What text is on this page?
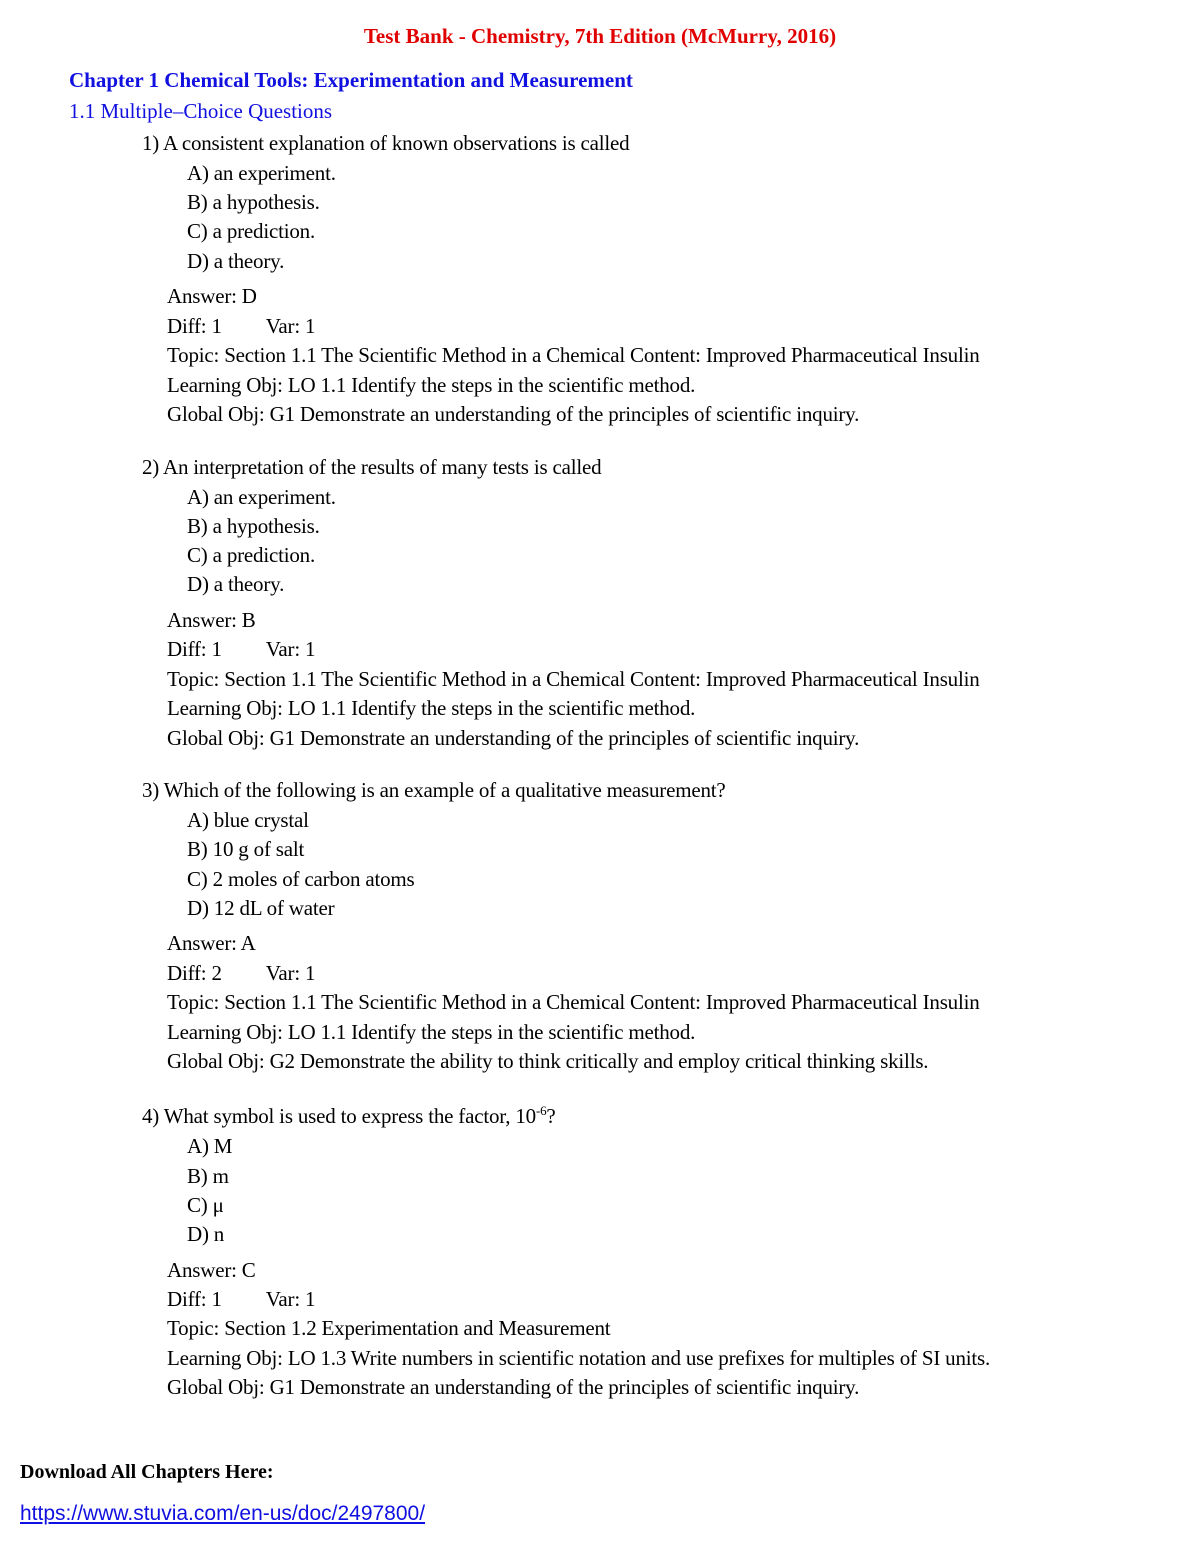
Test Bank - Chemistry, 7th Edition (McMurry, 2016)
Chapter 1 Chemical Tools: Experimentation and Measurement
1.1 Multiple–Choice Questions
1) A consistent explanation of known observations is called
A) an experiment.
B) a hypothesis.
C) a prediction.
D) a theory.
Answer: D
Diff: 1 Var: 1
Topic: Section 1.1 The Scientific Method in a Chemical Content: Improved Pharmaceutical Insulin
Learning Obj: LO 1.1 Identify the steps in the scientific method.
Global Obj: G1 Demonstrate an understanding of the principles of scientific inquiry.
2) An interpretation of the results of many tests is called
A) an experiment.
B) a hypothesis.
C) a prediction.
D) a theory.
Answer: B
Diff: 1 Var: 1
Topic: Section 1.1 The Scientific Method in a Chemical Content: Improved Pharmaceutical Insulin
Learning Obj: LO 1.1 Identify the steps in the scientific method.
Global Obj: G1 Demonstrate an understanding of the principles of scientific inquiry.
3) Which of the following is an example of a qualitative measurement?
A) blue crystal
B) 10 g of salt
C) 2 moles of carbon atoms
D) 12 dL of water
Answer: A
Diff: 2 Var: 1
Topic: Section 1.1 The Scientific Method in a Chemical Content: Improved Pharmaceutical Insulin
Learning Obj: LO 1.1 Identify the steps in the scientific method.
Global Obj: G2 Demonstrate the ability to think critically and employ critical thinking skills.
4) What symbol is used to express the factor, $10^{-6}$?
A) M
B) m
C) μ
D) n
Answer: C
Diff: 1 Var: 1
Topic: Section 1.2 Experimentation and Measurement
Learning Obj: LO 1.3 Write numbers in scientific notation and use prefixes for multiples of SI units.
Global Obj: G1 Demonstrate an understanding of the principles of scientific inquiry.
Download All Chapters Here:
https://www.stuvia.com/en-us/doc/2497800/
